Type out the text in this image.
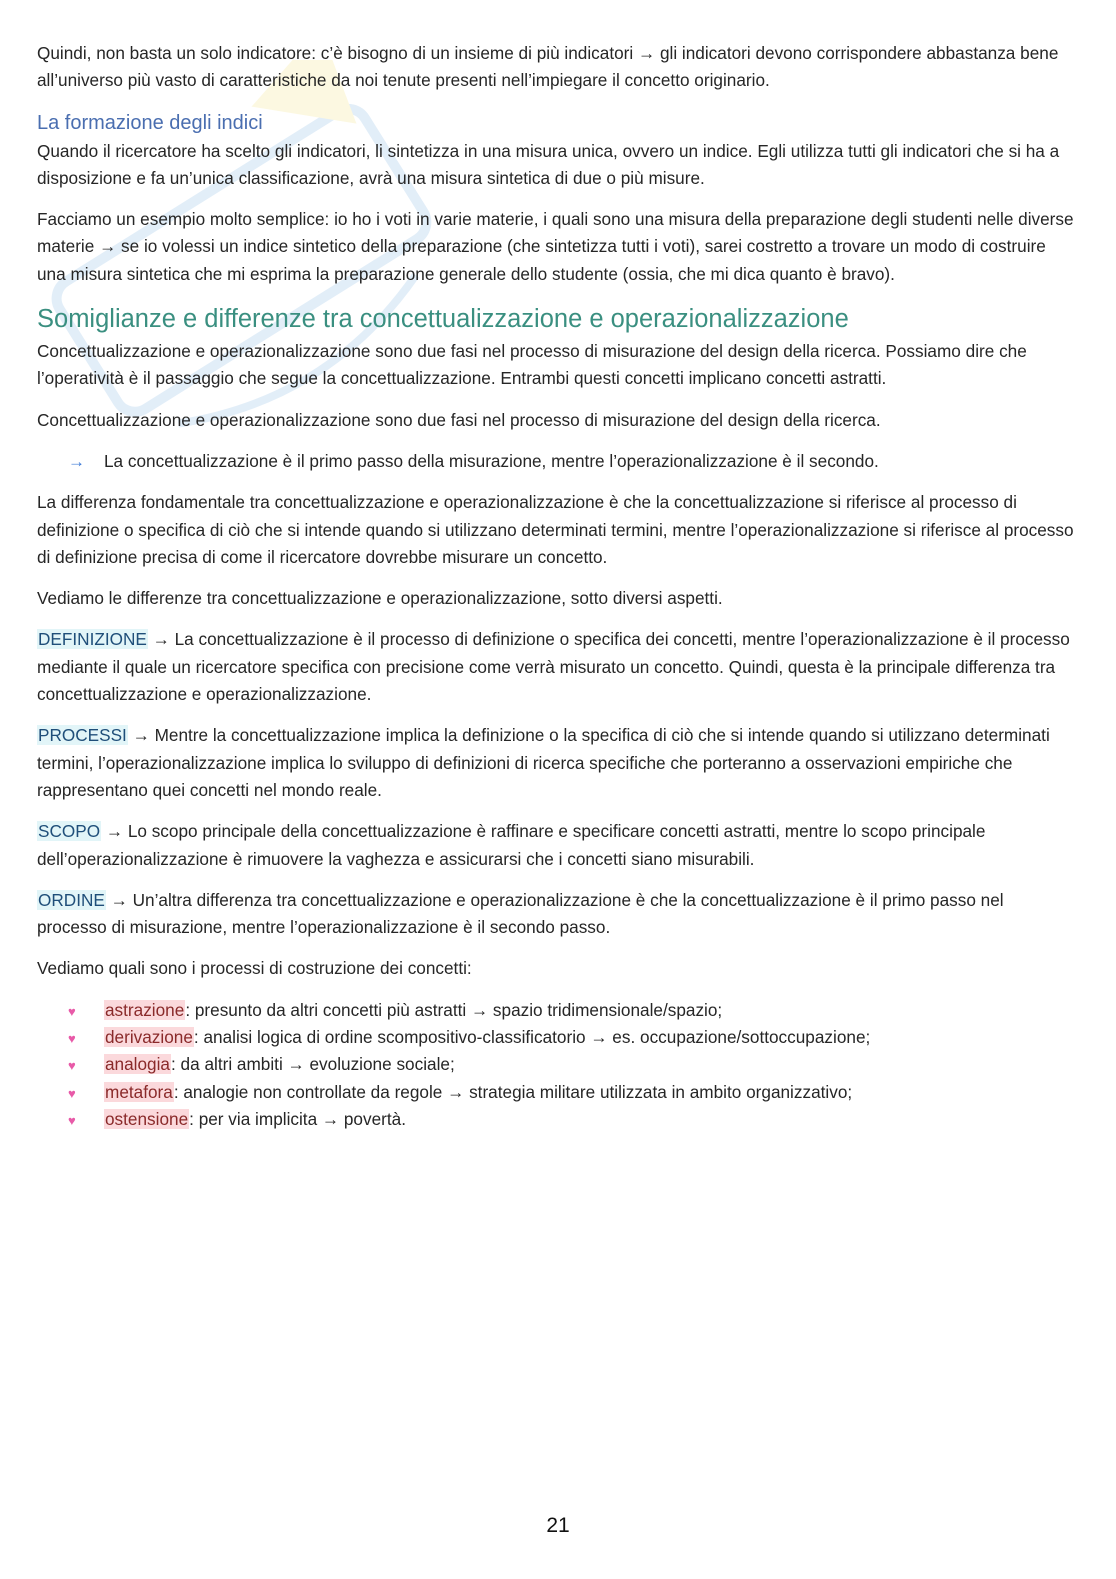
Quindi, non basta un solo indicatore: c’è bisogno di un insieme di più indicatori → gli indicatori devono corrispondere abbastanza bene all’universo più vasto di caratteristiche da noi tenute presenti nell’impiegare il concetto originario.

La formazione degli indici

Quando il ricercatore ha scelto gli indicatori, li sintetizza in una misura unica, ovvero un indice. Egli utilizza tutti gli indicatori che si ha a disposizione e fa un’unica classificazione, avrà una misura sintetica di due o più misure.

Facciamo un esempio molto semplice: io ho i voti in varie materie, i quali sono una misura della preparazione degli studenti nelle diverse materie → se io volessi un indice sintetico della preparazione (che sintetizza tutti i voti), sarei costretto a trovare un modo di costruire una misura sintetica che mi esprima la preparazione generale dello studente (ossia, che mi dica quanto è bravo).

Somiglianze e differenze tra concettualizzazione e operazionalizzazione

Concettualizzazione e operazionalizzazione sono due fasi nel processo di misurazione del design della ricerca. Possiamo dire che l’operatività è il passaggio che segue la concettualizzazione. Entrambi questi concetti implicano concetti astratti.

Concettualizzazione e operazionalizzazione sono due fasi nel processo di misurazione del design della ricerca.

→ La concettualizzazione è il primo passo della misurazione, mentre l’operazionalizzazione è il secondo.

La differenza fondamentale tra concettualizzazione e operazionalizzazione è che la concettualizzazione si riferisce al processo di definizione o specifica di ciò che si intende quando si utilizzano determinati termini, mentre l’operazionalizzazione si riferisce al processo di definizione precisa di come il ricercatore dovrebbe misurare un concetto.

Vediamo le differenze tra concettualizzazione e operazionalizzazione, sotto diversi aspetti.

DEFINIZIONE → La concettualizzazione è il processo di definizione o specifica dei concetti, mentre l’operazionalizzazione è il processo mediante il quale un ricercatore specifica con precisione come verrà misurato un concetto. Quindi, questa è la principale differenza tra concettualizzazione e operazionalizzazione.

PROCESSI → Mentre la concettualizzazione implica la definizione o la specifica di ciò che si intende quando si utilizzano determinati termini, l’operazionalizzazione implica lo sviluppo di definizioni di ricerca specifiche che porteranno a osservazioni empiriche che rappresentano quei concetti nel mondo reale.

SCOPO → Lo scopo principale della concettualizzazione è raffinare e specificare concetti astratti, mentre lo scopo principale dell’operazionalizzazione è rimuovere la vaghezza e assicurarsi che i concetti siano misurabili.

ORDINE → Un’altra differenza tra concettualizzazione e operazionalizzazione è che la concettualizzazione è il primo passo nel processo di misurazione, mentre l’operazionalizzazione è il secondo passo.

Vediamo quali sono i processi di costruzione dei concetti:

♥ astrazione: presunto da altri concetti più astratti → spazio tridimensionale/spazio;
♥ derivazione: analisi logica di ordine scompositivo-classificatorio → es. occupazione/sottoccupazione;
♥ analogia: da altri ambiti → evoluzione sociale;
♥ metafora: analogie non controllate da regole → strategia militare utilizzata in ambito organizzativo;
♥ ostensione: per via implicita → povertà.
21
